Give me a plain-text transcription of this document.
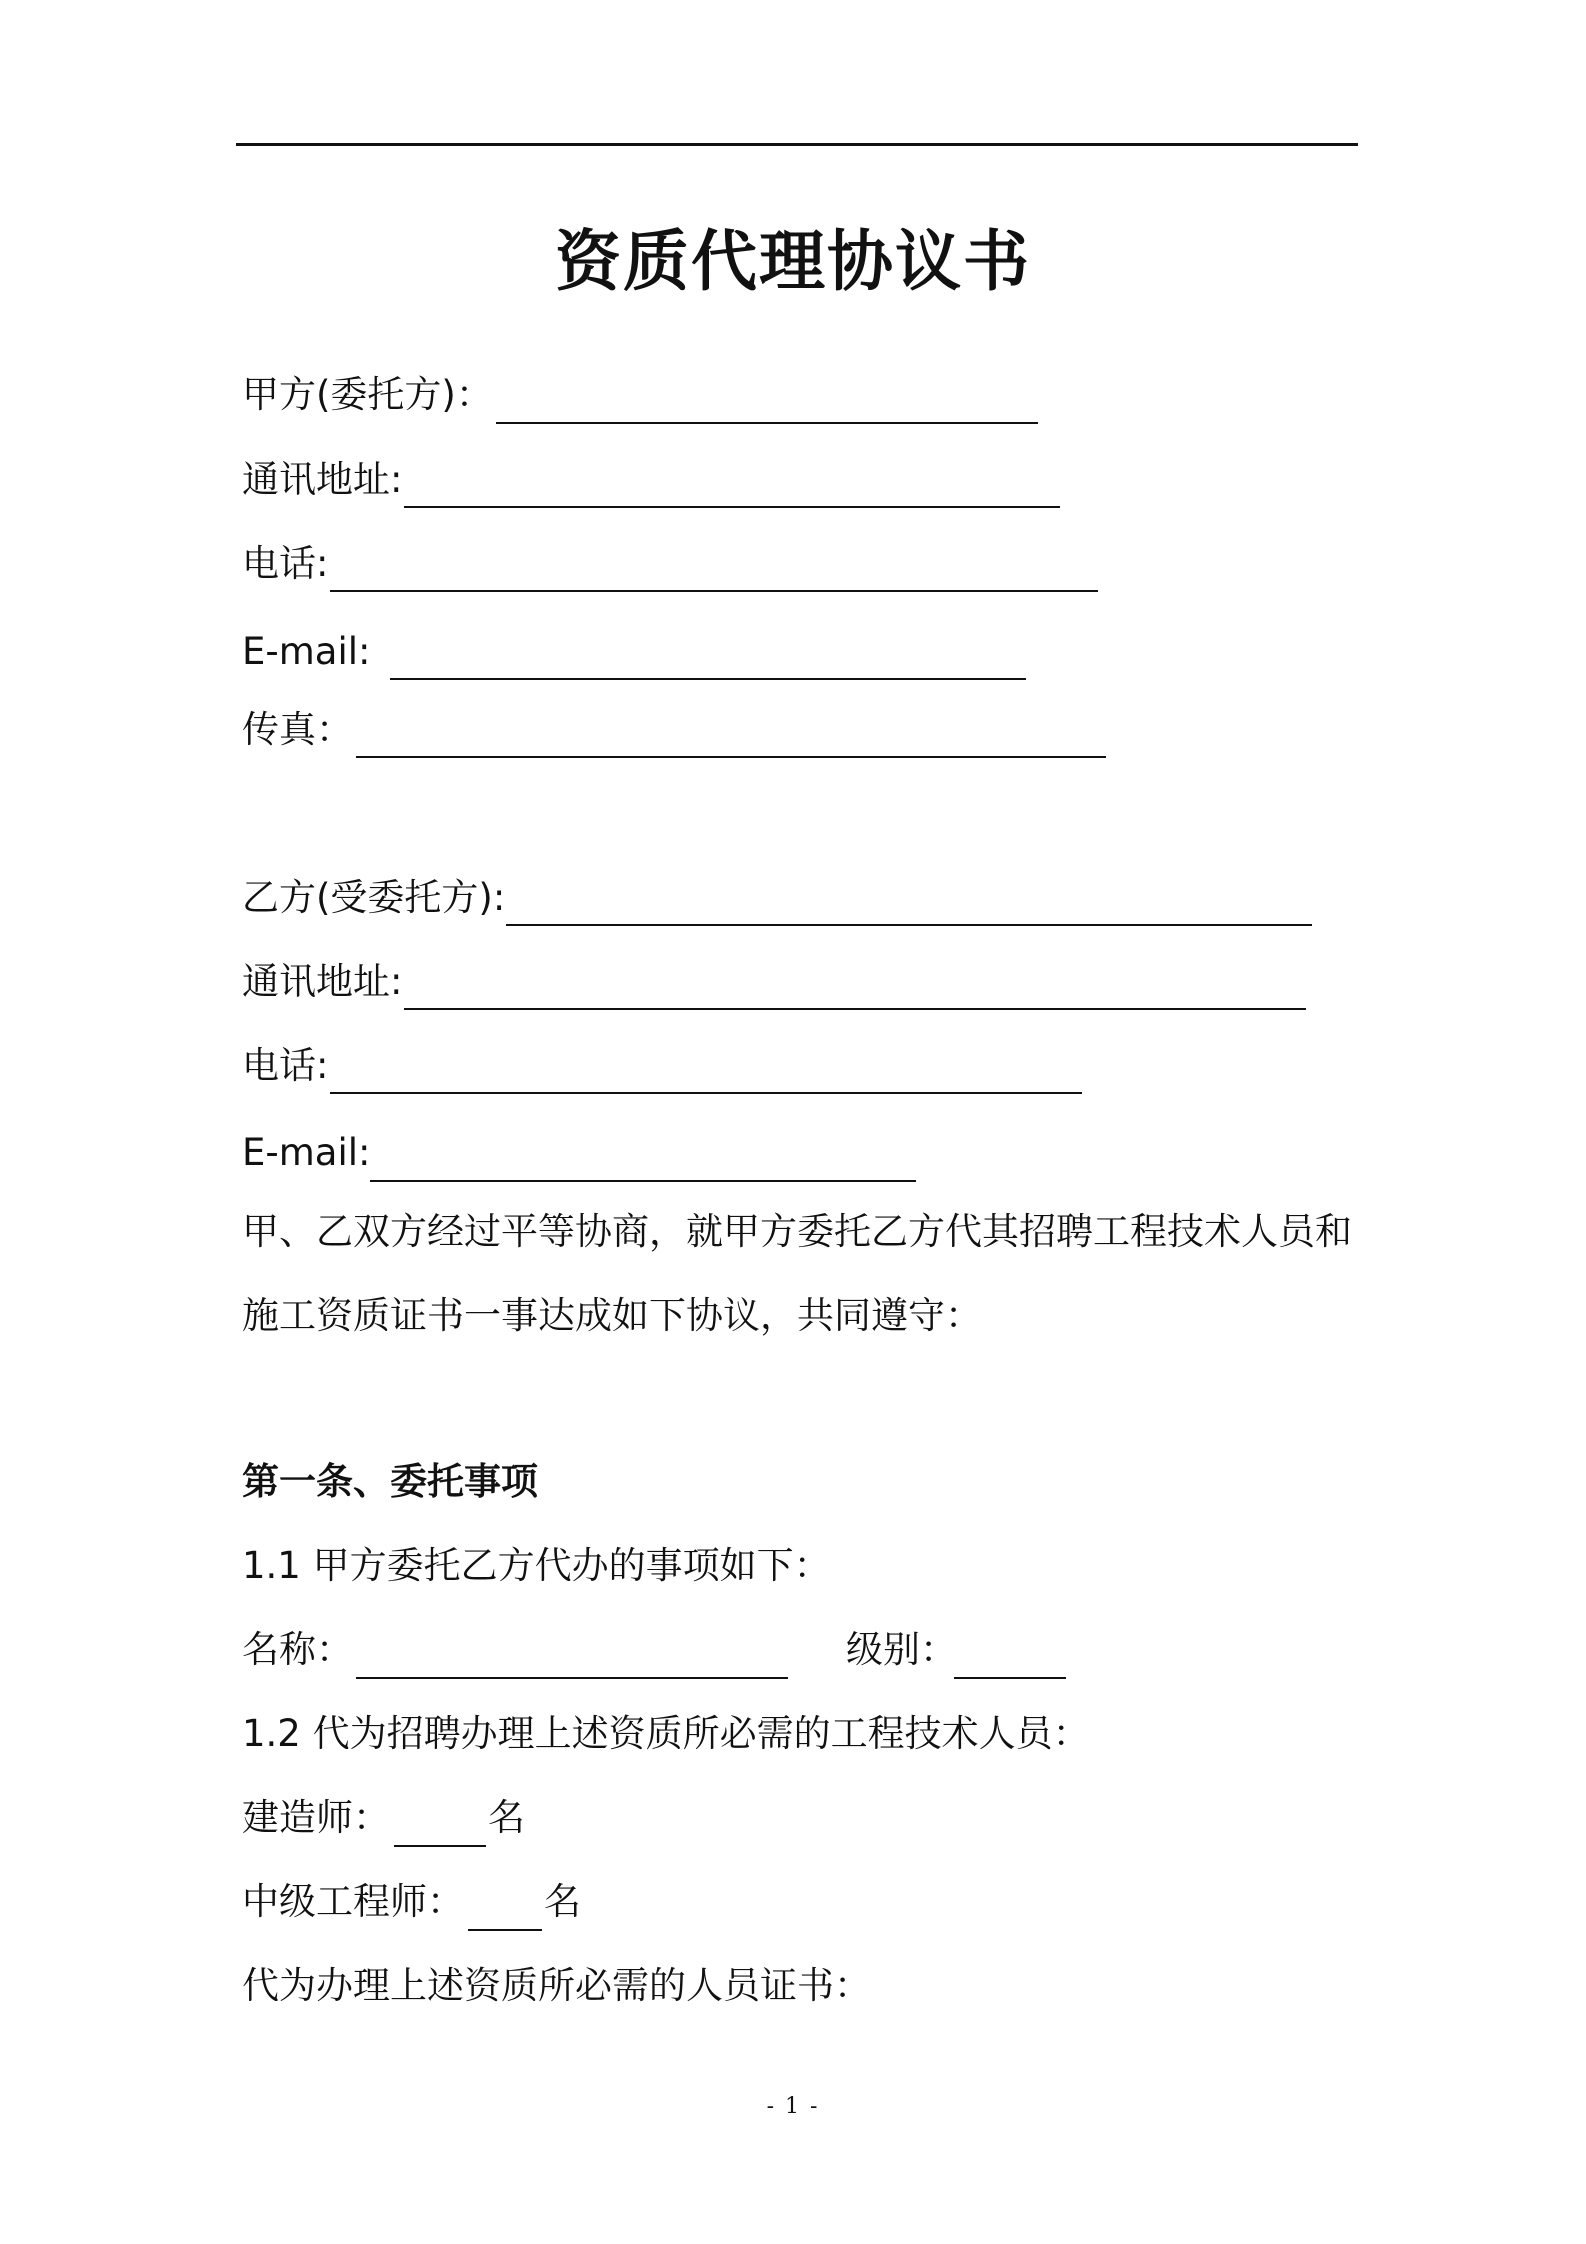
资质代理协议书
甲方(委托方)：
通讯地址:
电话:
E-mail:
传真：
乙方(受委托方):
通讯地址:
电话:
E-mail:
甲、乙双方经过平等协商，就甲方委托乙方代其招聘工程技术人员和
施工资质证书一事达成如下协议，共同遵守：
第一条、委托事项
1.1 甲方委托乙方代办的事项如下：
名称：	级别：
1.2 代为招聘办理上述资质所必需的工程技术人员：
建造师：	名
中级工程师： 名
代为办理上述资质所必需的人员证书：
- 1 -
